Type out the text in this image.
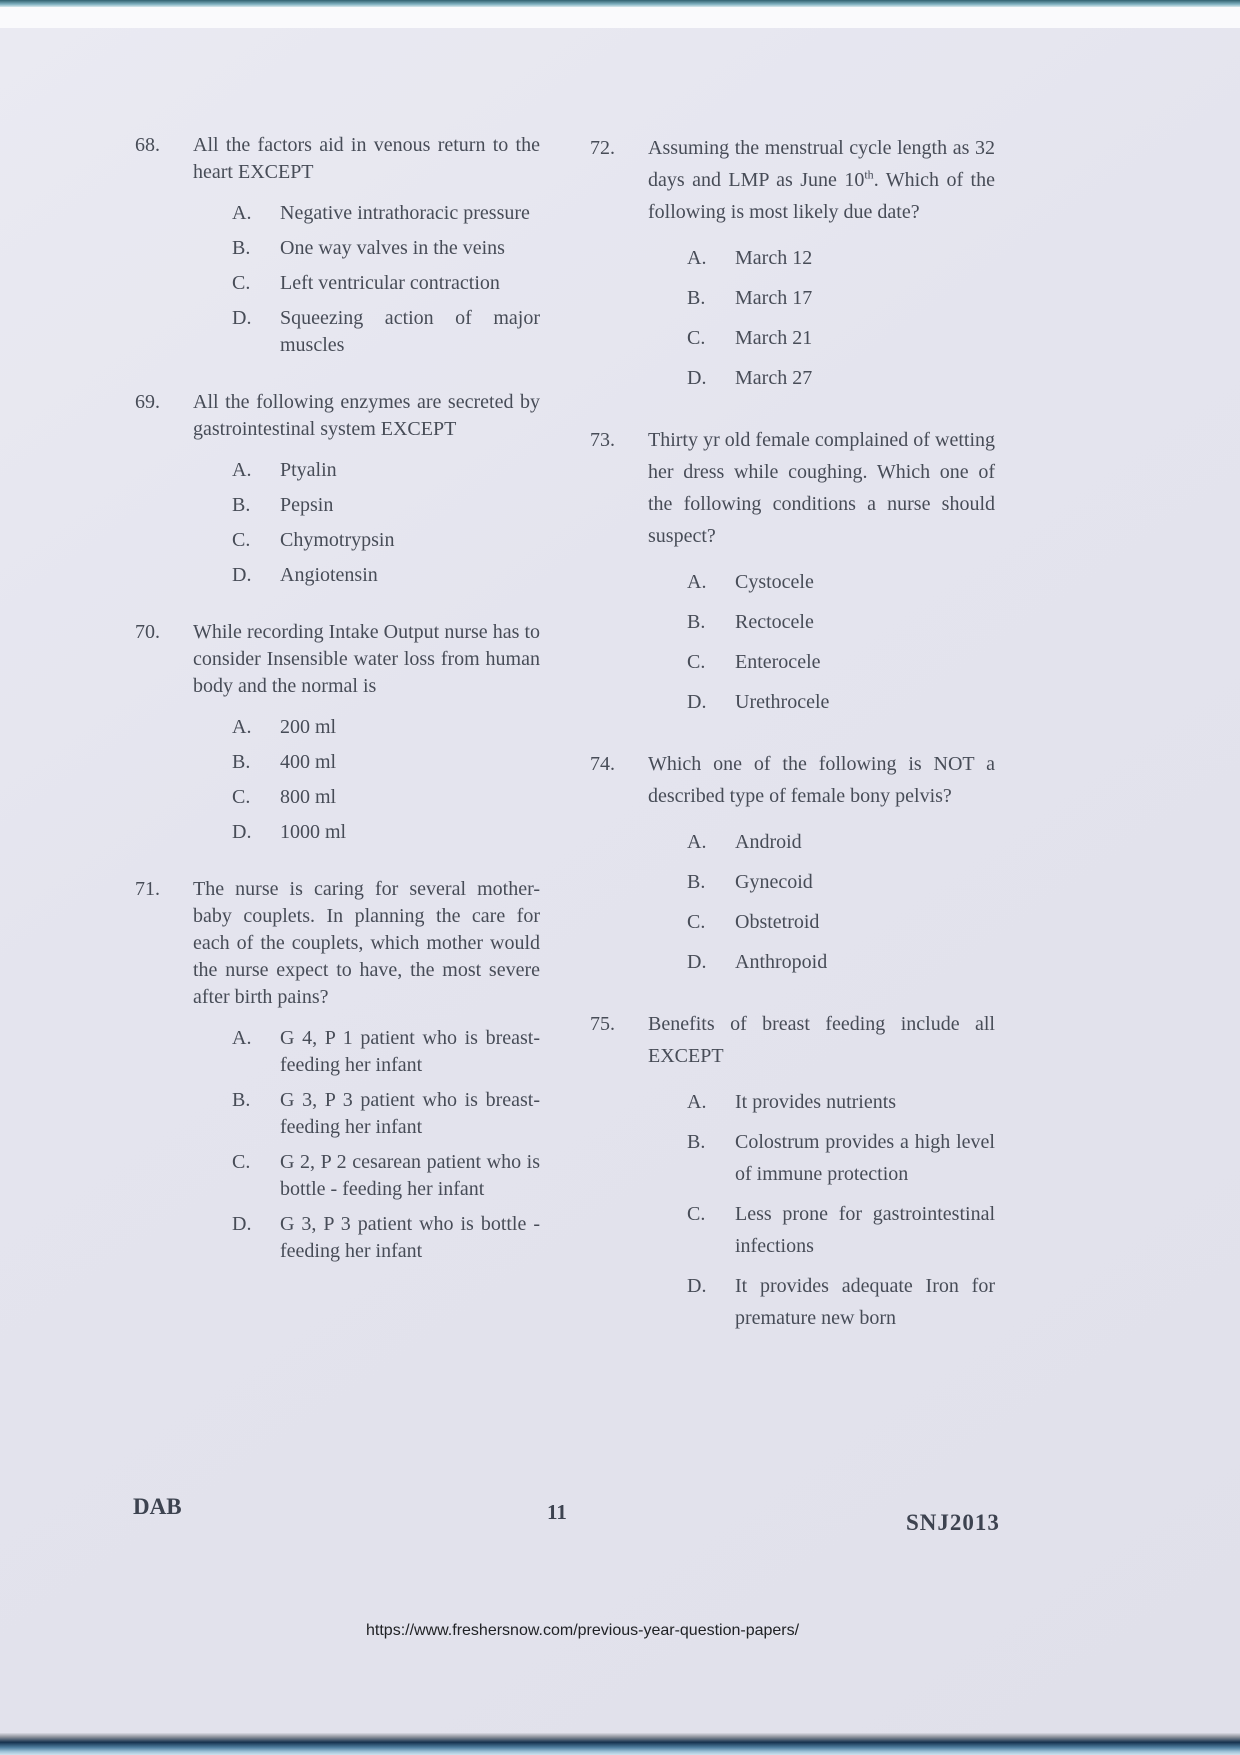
68.	All the factors aid in venous return to the heart EXCEPT

A.	Negative intrathoracic pressure
B.	One way valves in the veins
C.	Left ventricular contraction
D.	Squeezing action of major muscles
69.	All the following enzymes are secreted by gastrointestinal system EXCEPT

A.	Ptyalin
B.	Pepsin
C.	Chymotrypsin
D.	Angiotensin
70.	While recording Intake Output nurse has to consider Insensible water loss from human body and the normal is

A.	200 ml
B.	400 ml
C.	800 ml
D.	1000 ml
71.	The nurse is caring for several mother-baby couplets. In planning the care for each of the couplets, which mother would the nurse expect to have, the most severe after birth pains?

A.	G 4, P 1 patient who is breast-feeding her infant
B.	G 3, P 3 patient who is breast-feeding her infant
C.	G 2, P 2 cesarean patient who is bottle - feeding her infant
D.	G 3, P 3 patient who is bottle - feeding her infant
72.	Assuming the menstrual cycle length as 32 days and LMP as June 10th. Which of the following is most likely due date?

A.	March 12
B.	March 17
C.	March 21
D.	March 27
73.	Thirty yr old female complained of wetting her dress while coughing. Which one of the following conditions a nurse should suspect?

A.	Cystocele
B.	Rectocele
C.	Enterocele
D.	Urethrocele
74.	Which one of the following is NOT a described type of female bony pelvis?

A.	Android
B.	Gynecoid
C.	Obstetroid
D.	Anthropoid
75.	Benefits of breast feeding include all EXCEPT

A.	It provides nutrients
B.	Colostrum provides a high level of immune protection
C.	Less prone for gastrointestinal infections
D.	It provides adequate Iron for premature new born
DAB	11	SNJ2013
https://www.freshersnow.com/previous-year-question-papers/
